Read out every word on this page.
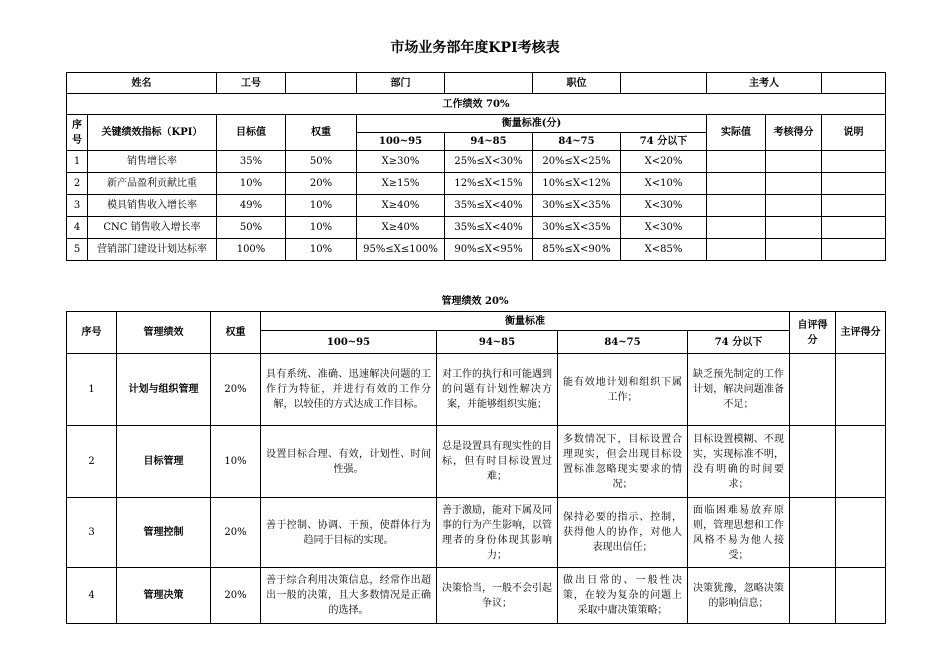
市场业务部年度KPI考核表
姓名		工号		部门		职位		主考人		
工作绩效 70%										
序号	关键绩效指标（KPI）	目标值	权重	衡量标准(分)				实际值	考核得分	说明
				100~95	94~85	84~75	74 分以下			
1	销售增长率	35%	50%	X≥30%	25%≤X<30%	20%≤X<25%	X<20%			
2	新产品盈利贡献比重	10%	20%	X≥15%	12%≤X<15%	10%≤X<12%	X<10%			
3	模具销售收入增长率	49%	10%	X≥40%	35%≤X<40%	30%≤X<35%	X<30%			
4	CNC 销售收入增长率	50%	10%	X≥40%	35%≤X<40%	30%≤X<35%	X<30%			
5	营销部门建设计划达标率	100%	10%	95%≤X≤100%	90%≤X<95%	85%≤X<90%	X<85%			
管理绩效 20%
序号	管理绩效	权重	衡量标准				自评得分	主评得分
			100~95	94~85	84~75	74 分以下		
1	计划与组织管理	20%	具有系统、准确、迅速解决问题的工作行为特征，并进行有效的工作分解，以较佳的方式达成工作目标。	对工作的执行和可能遇到的问题有计划性解决方案，并能够组织实施；	能有效地计划和组织下属工作；	缺乏预先制定的工作计划，解决问题准备不足；		
2	目标管理	10%	设置目标合理、有效，计划性、时间性强。	总是设置具有现实性的目标，但有时目标设置过难；	多数情况下，目标设置合理现实，但会出现目标设置标准忽略现实要求的情况；	目标设置模糊、不现实，实现标准不明，没有明确的时间要求；		
3	管理控制	20%	善于控制、协调、干预，使群体行为趋同于目标的实现。	善于激励，能对下属及同事的行为产生影响，以管理者的身份体现其影响力；	保持必要的指示、控制，获得他人的协作，对他人表现出信任；	面临困难易放弃原则，管理思想和工作风格不易为他人接受；		
4	管理决策	20%	善于综合利用决策信息，经常作出超出一般的决策，且大多数情况是正确的选择。	决策恰当，一般不会引起争议；	做出日常的、一般性决策，在较为复杂的问题上采取中庸决策策略；	决策犹豫，忽略决策的影响信息；		
